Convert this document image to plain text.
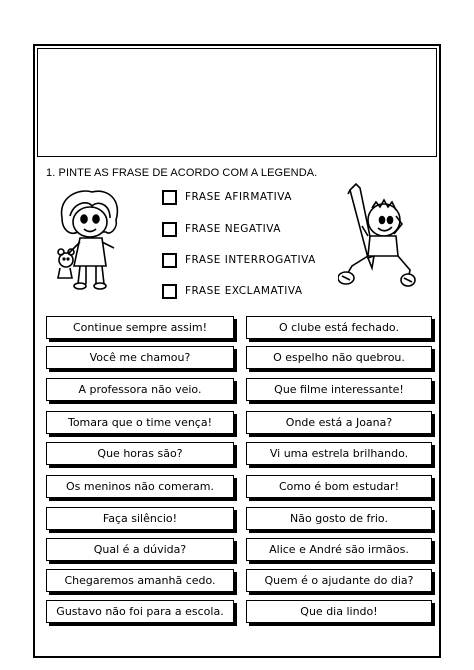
1. PINTE AS FRASE DE ACORDO COM A LEGENDA.
FRASE AFIRMATIVA
FRASE NEGATIVA
FRASE INTERROGATIVA
FRASE EXCLAMATIVA
Continue sempre assim!
Você me chamou?
A professora não veio.
Tomara que o time vença!
Que horas são?
Os meninos não comeram.
Faça silêncio!
Qual é a dúvida?
Chegaremos amanhã cedo.
Gustavo não foi para a escola.
O clube está fechado.
O espelho não quebrou.
Que filme interessante!
Onde está a Joana?
Vi uma estrela brilhando.
Como é bom estudar!
Não gosto de frio.
Alice e André são irmãos.
Quem é o ajudante do dia?
Que dia lindo!
